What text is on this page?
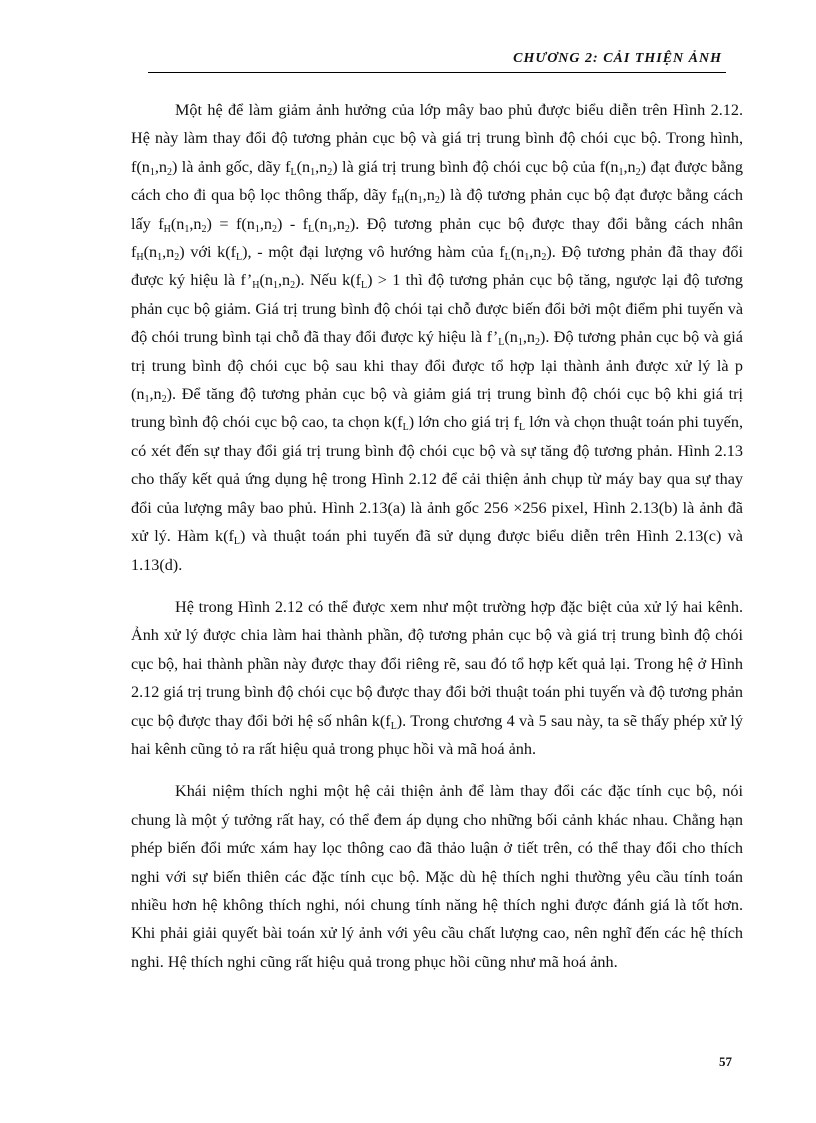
CHƯƠNG 2: CẢI THIỆN ẢNH

Một hệ để làm giảm ảnh hưởng của lớp mây bao phủ được biểu diễn trên Hình 2.12. Hệ này làm thay đổi độ tương phản cục bộ và giá trị trung bình độ chói cục bộ. Trong hình, $f(n_1,n_2)$ là ảnh gốc, dãy $f_L(n_1,n_2)$ là giá trị trung bình độ chói cục bộ của $f(n_1,n_2)$ đạt được bằng cách cho đi qua bộ lọc thông thấp, dãy $f_H(n_1,n_2)$ là độ tương phản cục bộ đạt được bằng cách lấy $f_H(n_1,n_2) = f(n_1,n_2) - f_L(n_1,n_2)$. Độ tương phản cục bộ được thay đổi bằng cách nhân $f_H(n_1,n_2)$ với $k(f_L)$, - một đại lượng vô hướng hàm của $f_L(n_1,n_2)$. Độ tương phản đã thay đổi được ký hiệu là $f’_H(n_1,n_2)$. Nếu $k(f_L) > 1$ thì độ tương phản cục bộ tăng, ngược lại độ tương phản cục bộ giảm. Giá trị trung bình độ chói tại chỗ được biến đổi bởi một điểm phi tuyến và độ chói trung bình tại chỗ đã thay đổi được ký hiệu là $f’_L(n_1,n_2)$. Độ tương phản cục bộ và giá trị trung bình độ chói cục bộ sau khi thay đổi được tổ hợp lại thành ảnh được xử lý là p $(n_1,n_2)$. Để tăng độ tương phản cục bộ và giảm giá trị trung bình độ chói cục bộ khi giá trị trung bình độ chói cục bộ cao, ta chọn $k(f_L)$ lớn cho giá trị $f_L$ lớn và chọn thuật toán phi tuyến, có xét đến sự thay đổi giá trị trung bình độ chói cục bộ và sự tăng độ tương phản. Hình 2.13 cho thấy kết quả ứng dụng hệ trong Hình 2.12 để cải thiện ảnh chụp từ máy bay qua sự thay đổi của lượng mây bao phủ. Hình 2.13(a) là ảnh gốc 256 ×256 pixel, Hình 2.13(b) là ảnh đã xử lý. Hàm $k(f_L)$ và thuật toán phi tuyến đã sử dụng được biểu diễn trên Hình 2.13(c) và 1.13(d).

Hệ trong Hình 2.12 có thể được xem như một trường hợp đặc biệt của xử lý hai kênh. Ảnh xử lý được chia làm hai thành phần, độ tương phản cục bộ và giá trị trung bình độ chói cục bộ, hai thành phần này được thay đổi riêng rẽ, sau đó tổ hợp kết quả lại. Trong hệ ở Hình 2.12 giá trị trung bình độ chói cục bộ được thay đổi bởi thuật toán phi tuyến và độ tương phản cục bộ được thay đổi bởi hệ số nhân $k(f_L)$. Trong chương 4 và 5 sau này, ta sẽ thấy phép xử lý hai kênh cũng tỏ ra rất hiệu quả trong phục hồi và mã hoá ảnh.

Khái niệm thích nghi một hệ cải thiện ảnh để làm thay đổi các đặc tính cục bộ, nói chung là một ý tưởng rất hay, có thể đem áp dụng cho những bối cảnh khác nhau. Chẳng hạn phép biến đổi mức xám hay lọc thông cao đã thảo luận ở tiết trên, có thể thay đổi cho thích nghi với sự biến thiên các đặc tính cục bộ. Mặc dù hệ thích nghi thường yêu cầu tính toán nhiều hơn hệ không thích nghi, nói chung tính năng hệ thích nghi được đánh giá là tốt hơn. Khi phải giải quyết bài toán xử lý ảnh với yêu cầu chất lượng cao, nên nghĩ đến các hệ thích nghi. Hệ thích nghi cũng rất hiệu quả trong phục hồi cũng như mã hoá ảnh.

57
